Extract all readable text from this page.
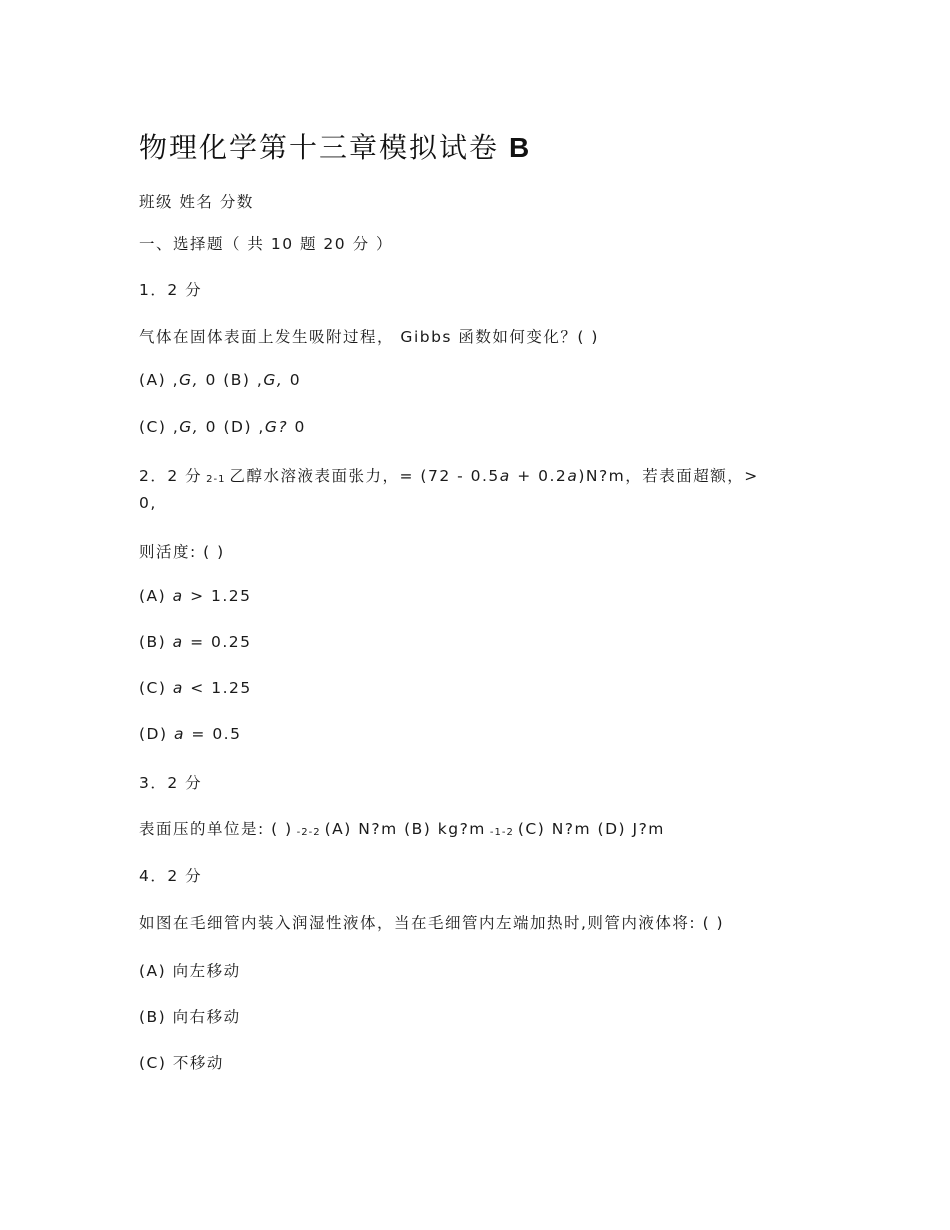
物理化学第十三章模拟试卷 B
班级 姓名 分数
一、选择题（ 共 10 题 20 分 ）
1．2 分
气体在固体表面上发生吸附过程， Gibbs 函数如何变化？( )
(A) ,G, 0 (B) ,G, 0
(C) ,G, 0 (D) ,G? 0
2．2 分 2-1 乙醇水溶液表面张力，= (72 - 0.5a + 0.2a)N?m，若表面超额，>
0,
则活度: ( )
(A) a > 1.25
(B) a = 0.25
(C) a < 1.25
(D) a = 0.5
3．2 分
表面压的单位是: ( ) -2-2 (A) N?m (B) kg?m -1-2 (C) N?m (D) J?m
4．2 分
如图在毛细管内装入润湿性液体，当在毛细管内左端加热时,则管内液体将: ( )
(A) 向左移动
(B) 向右移动
(C) 不移动
